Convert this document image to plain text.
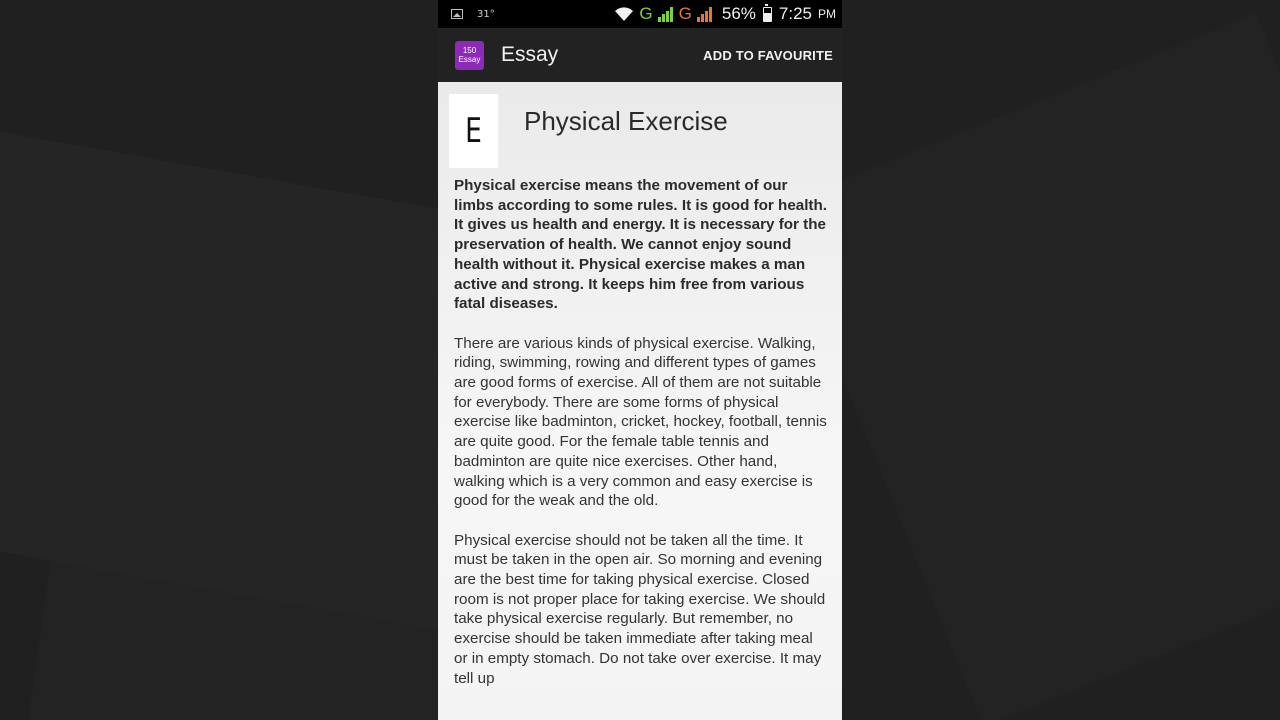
31°	G G 56% 7:25 PM
150
Essay Essay	ADD TO FAVOURITE
E Physical Exercise

Physical exercise means the movement of our limbs according to some rules. It is good for health. It gives us health and energy. It is necessary for the preservation of health. We cannot enjoy sound health without it. Physical exercise makes a man active and strong. It keeps him free from various fatal diseases.

There are various kinds of physical exercise. Walking, riding, swimming, rowing and different types of games are good forms of exercise. All of them are not suitable for everybody. There are some forms of physical exercise like badminton, cricket, hockey, football, tennis are quite good. For the female table tennis and badminton are quite nice exercises. Other hand, walking which is a very common and easy exercise is good for the weak and the old.

Physical exercise should not be taken all the time. It must be taken in the open air. So morning and evening are the best time for taking physical exercise. Closed room is not proper place for taking exercise. We should take physical exercise regularly. But remember, no exercise should be taken immediate after taking meal or in empty stomach. Do not take over exercise. It may tell up
